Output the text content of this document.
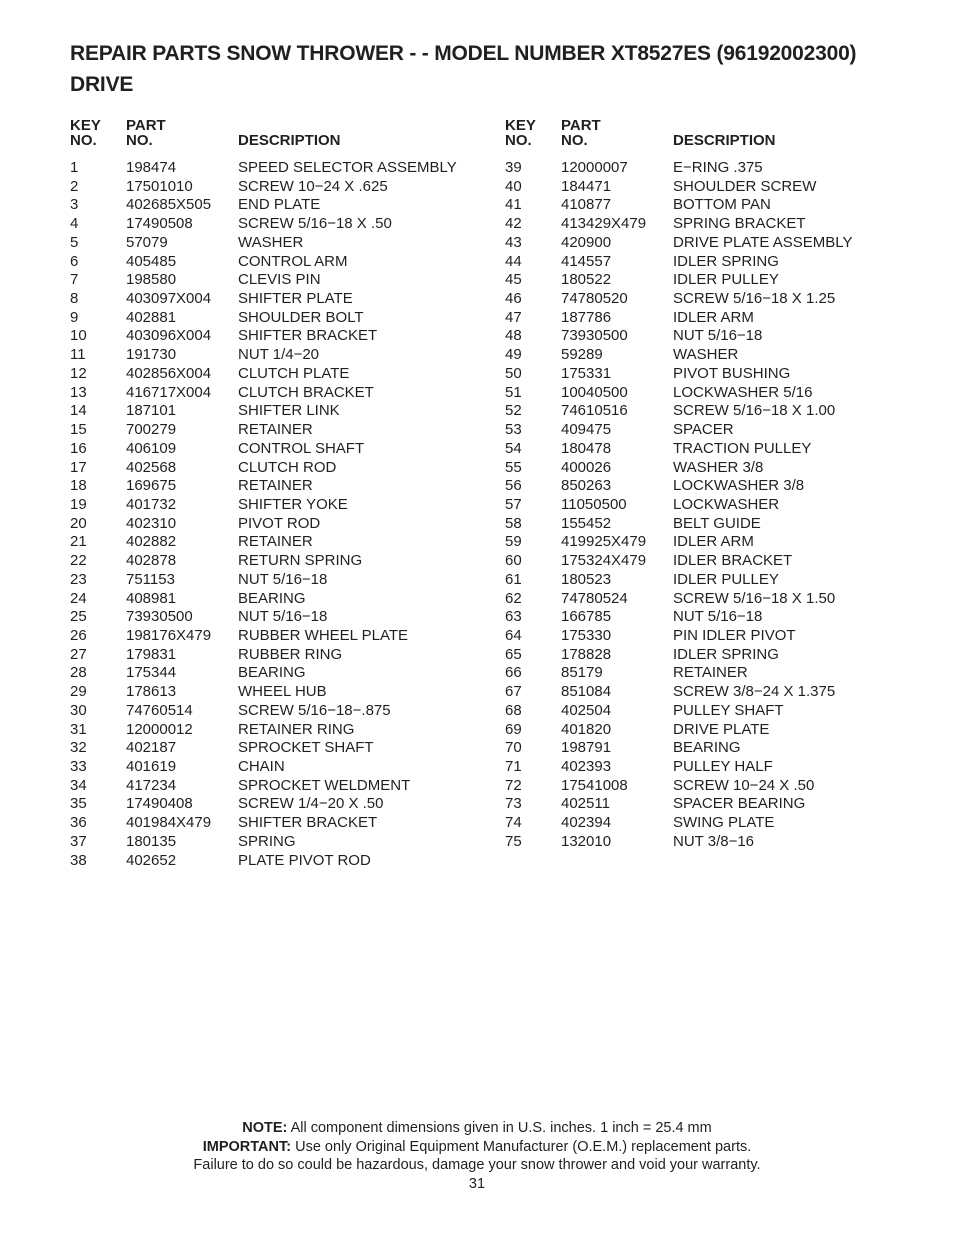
REPAIR PARTS SNOW THROWER - - MODEL NUMBER XT8527ES (96192002300)
DRIVE
KEY
NO.
PART
NO.	DESCRIPTION
1	198474	SPEED SELECTOR ASSEMBLY
2	17501010	SCREW 10−24 X .625
3	402685X505 END PLATE
4	17490508	SCREW 5/16−18 X .50
5	57079	WASHER
6	405485	CONTROL ARM
7	198580	CLEVIS PIN
8	403097X004 SHIFTER PLATE
9	402881	SHOULDER BOLT
10	403096X004 SHIFTER BRACKET
11	191730	NUT 1/4−20
12	402856X004 CLUTCH PLATE
13	416717X004 CLUTCH BRACKET
14	187101	SHIFTER LINK
15	700279	RETAINER
16	406109	CONTROL SHAFT
17	402568	CLUTCH ROD
18	169675	RETAINER
19	401732	SHIFTER YOKE
20	402310	PIVOT ROD
21	402882	RETAINER
22	402878	RETURN SPRING
23	751153	NUT 5/16−18
24	408981	BEARING
25	73930500	NUT 5/16−18
26	198176X479 RUBBER WHEEL PLATE
27	179831	RUBBER RING
28	175344	BEARING
29	178613	WHEEL HUB
30	74760514	SCREW 5/16−18−.875
31	12000012	RETAINER RING
32	402187	SPROCKET SHAFT
33	401619	CHAIN
34	417234	SPROCKET WELDMENT
35	17490408	SCREW 1/4−20 X .50
36	401984X479 SHIFTER BRACKET
37	180135	SPRING
38	402652	PLATE PIVOT ROD
KEY
NO.
PART
NO.	DESCRIPTION
39	12000007	E−RING .375
40	184471	SHOULDER SCREW
41	410877	BOTTOM PAN
42	413429X479 SPRING BRACKET
43	420900	DRIVE PLATE ASSEMBLY
44	414557	IDLER SPRING
45	180522	IDLER PULLEY
46	74780520	SCREW 5/16−18 X 1.25
47	187786	IDLER ARM
48	73930500	NUT 5/16−18
49	59289	WASHER
50	175331	PIVOT BUSHING
51	10040500	LOCKWASHER 5/16
52	74610516	SCREW 5/16−18 X 1.00
53	409475	SPACER
54	180478	TRACTION PULLEY
55	400026	WASHER 3/8
56	850263	LOCKWASHER 3/8
57	11050500	LOCKWASHER
58	155452	BELT GUIDE
59	419925X479 IDLER ARM
60	175324X479 IDLER BRACKET
61	180523	IDLER PULLEY
62	74780524	SCREW 5/16−18 X 1.50
63	166785	NUT 5/16−18
64	175330	PIN IDLER PIVOT
65	178828	IDLER SPRING
66	85179	RETAINER
67	851084	SCREW 3/8−24 X 1.375
68	402504	PULLEY SHAFT
69	401820	DRIVE PLATE
70	198791	BEARING
71	402393	PULLEY HALF
72	17541008	SCREW 10−24 X .50
73	402511	SPACER BEARING
74	402394	SWING PLATE
75	132010	NUT 3/8−16
NOTE: All component dimensions given in U.S. inches. 1 inch = 25.4 mm
IMPORTANT: Use only Original Equipment Manufacturer (O.E.M.) replacement parts.
Failure to do so could be hazardous, damage your snow thrower and void your warranty.
31
